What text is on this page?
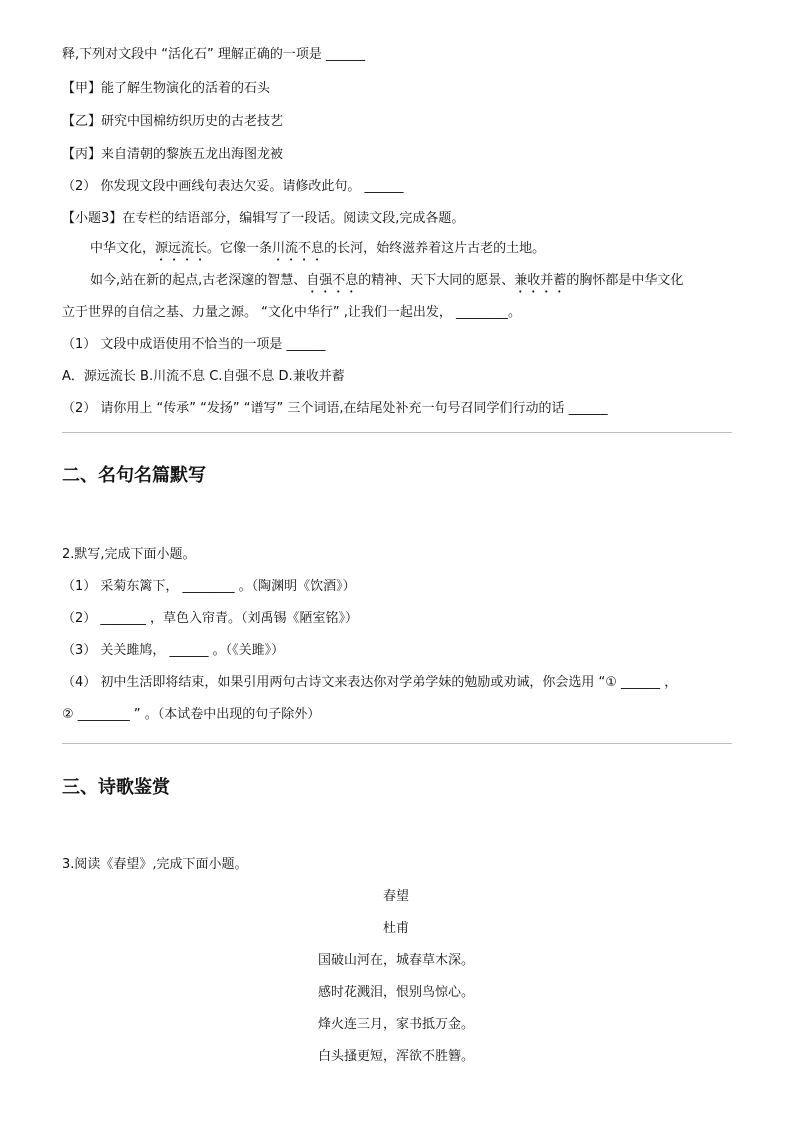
释,下列对文段中 “活化石” 理解正确的一项是 ______
【甲】能了解生物演化的活着的石头
【乙】研究中国棉纺织历史的古老技艺
【丙】来自清朝的黎族五龙出海图龙被
（2） 你发现文段中画线句表达欠妥。请修改此句。 ______
【小题3】在专栏的结语部分，编辑写了一段话。阅读文段,完成各题。
中华文化，源远流长。它像一条川流不息的长河，始终滋养着这片古老的土地。
如今,站在新的起点,古老深邃的智慧、自强不息的精神、天下大同的愿景、兼收并蓄的胸怀都是中华文化
立于世界的自信之基、力量之源。 “文化中华行” ,让我们一起出发， ________。
（1） 文段中成语使用不恰当的一项是 ______
A．源远流长 B.川流不息 C.自强不息 D.兼收并蓄
（2） 请你用上 “传承” “发扬” “谱写” 三个词语,在结尾处补充一句号召同学们行动的话 ______
二、名句名篇默写
2.默写,完成下面小题。
（1） 采菊东篱下， ________ 。（陶渊明《饮酒》）
（2） _______ ，草色入帘青。（刘禹锡《陋室铭》）
（3） 关关雎鸠， ______ 。（《关雎》）
（4） 初中生活即将结束，如果引用两句古诗文来表达你对学弟学妹的勉励或劝诫，你会选用 “① ______ ，
② ________ ” 。（本试卷中出现的句子除外）
三、诗歌鉴赏
3.阅读《春望》,完成下面小题。
春望
杜甫
国破山河在，城春草木深。
感时花溅泪，恨别鸟惊心。
烽火连三月，家书抵万金。
白头搔更短，浑欲不胜簪。
